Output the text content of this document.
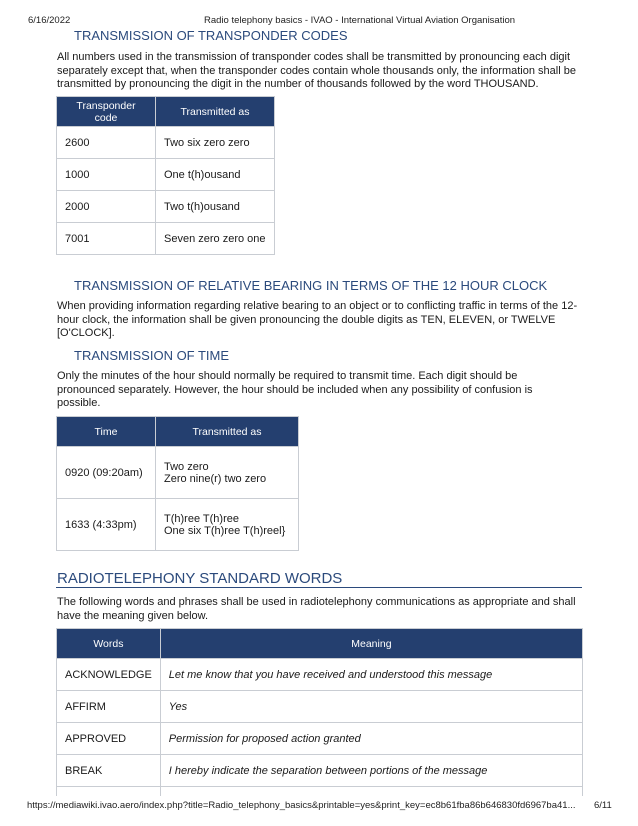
6/16/2022	Radio telephony basics - IVAO - International Virtual Aviation Organisation
TRANSMISSION OF TRANSPONDER CODES

All numbers used in the transmission of transponder codes shall be transmitted by pronouncing each digit separately except that, when the transponder codes contain whole thousands only, the information shall be transmitted by pronouncing the digit in the number of thousands followed by the word THOUSAND.

Transponder code	Transmitted as
2600	Two six zero zero
1000	One t(h)ousand
2000	Two t(h)ousand
7001	Seven zero zero one
TRANSMISSION OF RELATIVE BEARING IN TERMS OF THE 12 HOUR CLOCK

When providing information regarding relative bearing to an object or to conflicting traffic in terms of the 12-hour clock, the information shall be given pronouncing the double digits as TEN, ELEVEN, or TWELVE [O'CLOCK].

TRANSMISSION OF TIME

Only the minutes of the hour should normally be required to transmit time. Each digit should be pronounced separately. However, the hour should be included when any possibility of confusion is possible.

Time	Transmitted as
0920 (09:20am)	Two zero
Zero nine(r) two zero

1633 (4:33pm)	T(h)ree T(h)ree
One six T(h)ree T(h)reel}
RADIOTELEPHONY STANDARD WORDS

The following words and phrases shall be used in radiotelephony communications as appropriate and shall have the meaning given below.

Words	Meaning
ACKNOWLEDGE	Let me know that you have received and understood this message
AFFIRM	Yes
APPROVED	Permission for proposed action granted
BREAK	I hereby indicate the separation between portions of the message

https://mediawiki.ivao.aero/index.php?title=Radio_telephony_basics&printable=yes&print_key=ec8b61fba86b646830fd6967ba41... 6/11
